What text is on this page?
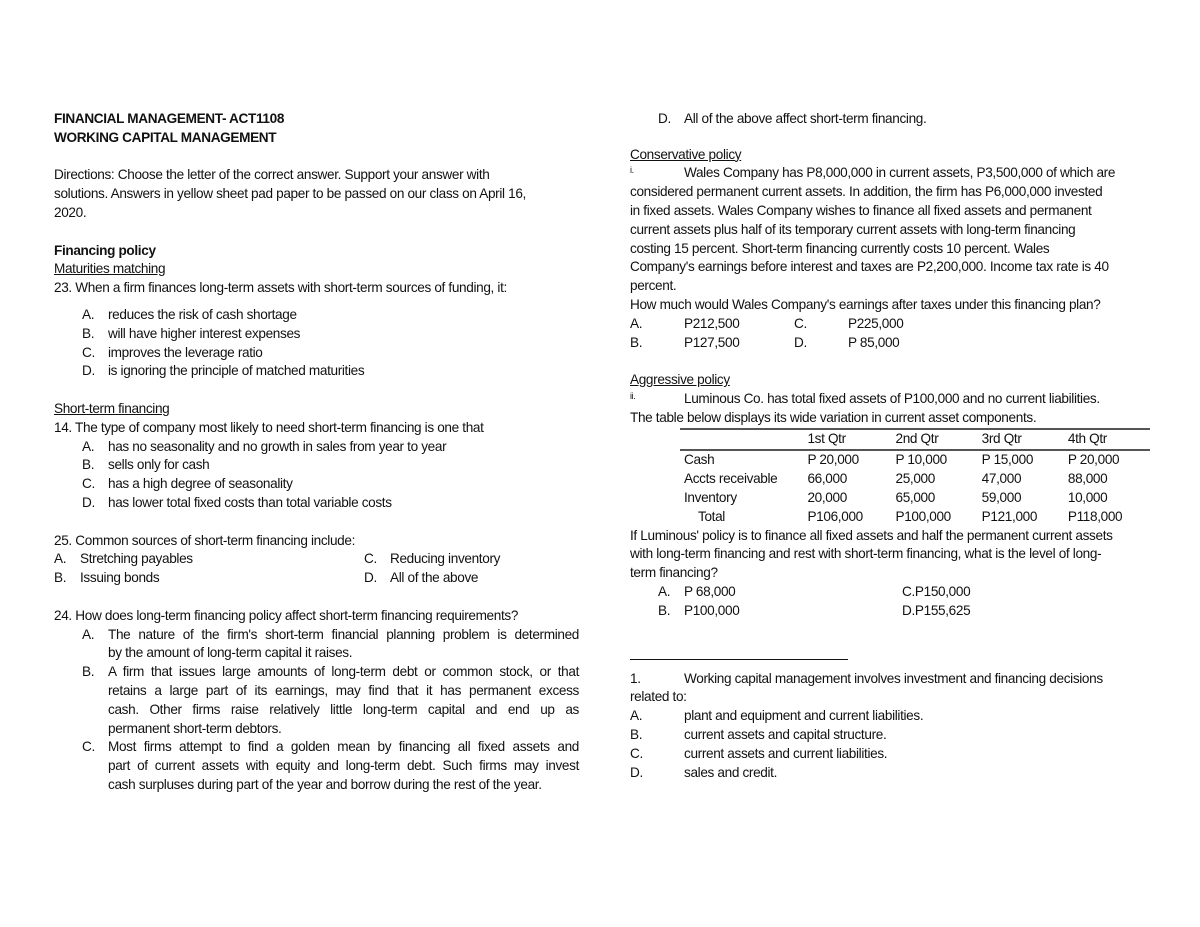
FINANCIAL MANAGEMENT- ACT1108
WORKING CAPITAL MANAGEMENT
Directions: Choose the letter of the correct answer. Support your answer with
solutions. Answers in yellow sheet pad paper to be passed on our class on April 16,
2020.
Financing policy
Maturities matching
23. When a firm finances long-term assets with short-term sources of funding, it:
A. reduces the risk of cash shortage
B. will have higher interest expenses
C. improves the leverage ratio
D. is ignoring the principle of matched maturities
Short-term financing
14. The type of company most likely to need short-term financing is one that
A. has no seasonality and no growth in sales from year to year
B. sells only for cash
C. has a high degree of seasonality
D. has lower total fixed costs than total variable costs
25. Common sources of short-term financing include:
A. Stretching payables	C. Reducing inventory
B. Issuing bonds	D. All of the above
24. How does long-term financing policy affect short-term financing requirements?
A. The nature of the firm's short-term financial planning problem is determined
by the amount of long-term capital it raises.
B. A firm that issues large amounts of long-term debt or common stock, or that
retains a large part of its earnings, may find that it has permanent excess
cash. Other firms raise relatively little long-term capital and end up as
permanent short-term debtors.
C. Most firms attempt to find a golden mean by financing all fixed assets and
part of current assets with equity and long-term debt. Such firms may invest
cash surpluses during part of the year and borrow during the rest of the year.
D. All of the above affect short-term financing.
Conservative policy
i.	Wales Company has P8,000,000 in current assets, P3,500,000 of which are
considered permanent current assets. In addition, the firm has P6,000,000 invested
in fixed assets. Wales Company wishes to finance all fixed assets and permanent
current assets plus half of its temporary current assets with long-term financing
costing 15 percent. Short-term financing currently costs 10 percent. Wales
Company's earnings before interest and taxes are P2,200,000. Income tax rate is 40
percent.
How much would Wales Company's earnings after taxes under this financing plan?
A.	P212,500	C.	P225,000
B.	P127,500	D.	P 85,000
Aggressive policy
ii.	Luminous Co. has total fixed assets of P100,000 and no current liabilities.
The table below displays its wide variation in current asset components.
	1st Qtr	2nd Qtr	3rd Qtr	4th Qtr

Cash	P 20,000	P 10,000	P 15,000	P 20,000
Accts receivable	66,000	25,000	47,000	88,000
Inventory	20,000	65,000	59,000	10,000
Total	P106,000	P100,000	P121,000	P118,000
If Luminous' policy is to finance all fixed assets and half the permanent current assets
with long-term financing and rest with short-term financing, what is the level of long-
term financing?
A. P 68,000	C.P150,000
B. P100,000	D.P155,625
1.	Working capital management involves investment and financing decisions
related to:
A.	plant and equipment and current liabilities.
B.	current assets and capital structure.
C.	current assets and current liabilities.
D.	sales and credit.
